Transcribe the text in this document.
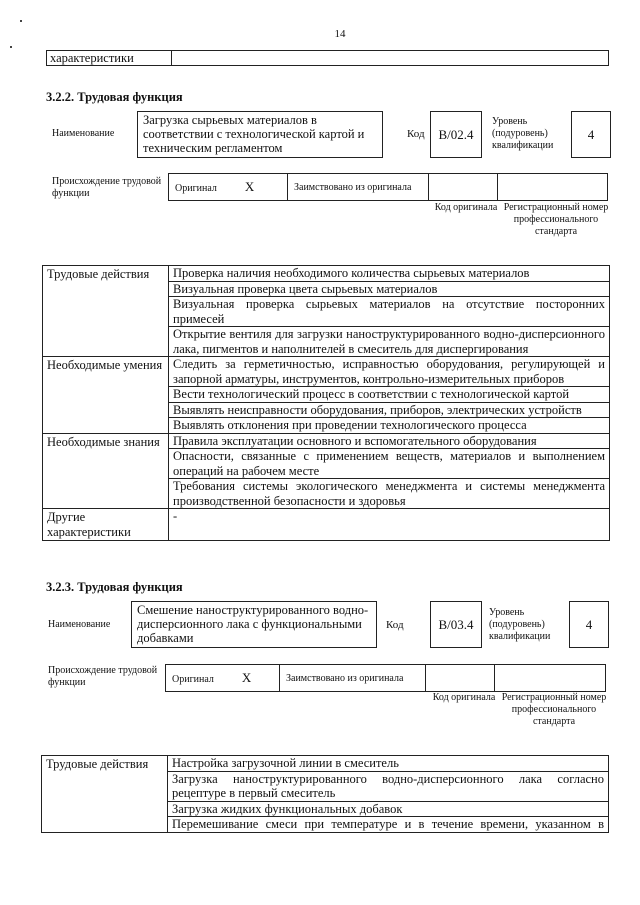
14
характеристики
3.2.2. Трудовая функция
Наименование
Загрузка сырьевых материалов в соответствии с технологической картой и техническим регламентом
Код	B/02.4
Уровень (подуровень) квалификации
4
Происхождение трудовой функции	Оригинал X	Заимствовано из оригинала		
Код оригинала Регистрационный номер профессионального стандарта
Трудовые действия	Проверка наличия необходимого количества сырьевых материалов
	Визуальная проверка цвета сырьевых материалов
	Визуальная проверка сырьевых материалов на отсутствие посторонних примесей
	Открытие вентиля для загрузки наноструктурированного водно-дисперсионного лака, пигментов и наполнителей в смеситель для диспергирования
Необходимые умения	Следить за герметичностью, исправностью оборудования, регулирующей и запорной арматуры, инструментов, контрольно-измерительных приборов
	Вести технологический процесс в соответствии с технологической картой
	Выявлять неисправности оборудования, приборов, электрических устройств
	Выявлять отклонения при проведении технологического процесса
Необходимые знания	Правила эксплуатации основного и вспомогательного оборудования
	Опасности, связанные с применением веществ, материалов и выполнением операций на рабочем месте
	Требования системы экологического менеджмента и системы менеджмента производственной безопасности и здоровья
Другие характеристики	-
3.2.3. Трудовая функция
Наименование
Смешение наноструктурированного водно-дисперсионного лака с функциональными добавками
Код	B/03.4
Уровень (подуровень) квалификации
4
Происхождение трудовой функции	Оригинал X	Заимствовано из оригинала		
Код оригинала Регистрационный номер профессионального стандарта
Трудовые действия	Настройка загрузочной линии в смеситель
Загрузка наноструктурированного водно-дисперсионного лака согласно рецептуре в первый смеситель
Загрузка жидких функциональных добавок
Перемешивание смеси при температуре и в течение времени, указанном в
